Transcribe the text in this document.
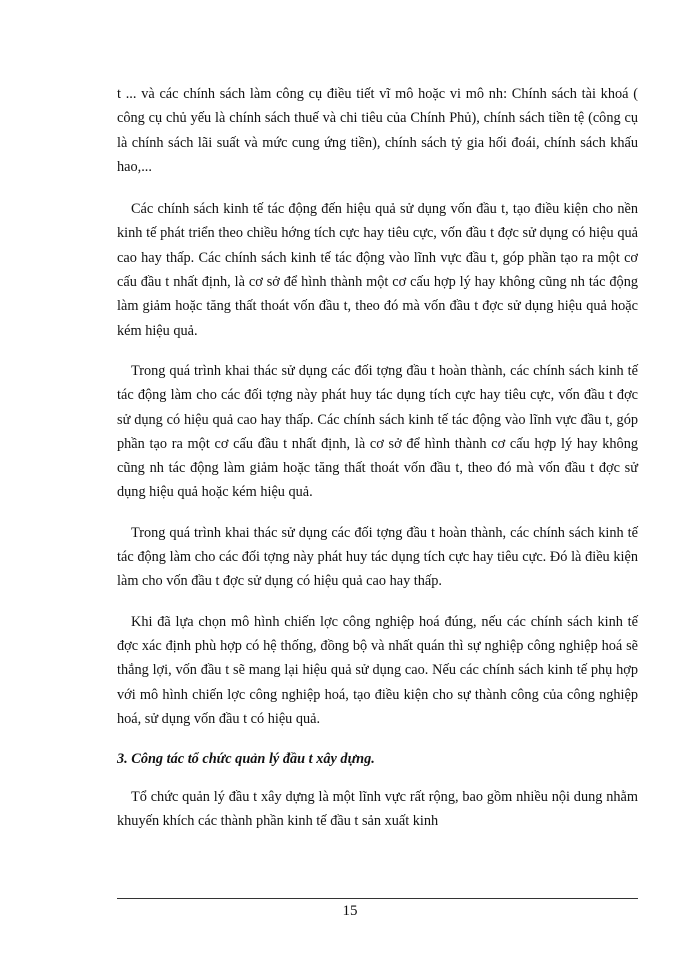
t ... và các chính sách làm công cụ điều tiết vĩ mô hoặc vi mô nh: Chính sách tài khoá ( công cụ chủ yếu là chính sách thuế và chi tiêu của Chính Phủ), chính sách tiền tệ (công cụ là chính sách lãi suất và mức cung ứng tiền), chính sách tỷ gia hối đoái, chính sách khấu hao,...

Các chính sách kinh tế tác động đến hiệu quả sử dụng vốn đầu t, tạo điều kiện cho nền kinh tế phát triển theo chiều hớng tích cực hay tiêu cực, vốn đầu t đợc sử dụng có hiệu quả cao hay thấp. Các chính sách kinh tế tác động vào lĩnh vực đầu t, góp phần tạo ra một cơ cấu đầu t nhất định, là cơ sở để hình thành một cơ cấu hợp lý hay không cũng nh tác động làm giảm hoặc tăng thất thoát vốn đầu t, theo đó mà vốn đầu t đợc sử dụng hiệu quả hoặc kém hiệu quả.

Trong quá trình khai thác sử dụng các đối tợng đầu t hoàn thành, các chính sách kinh tế tác động làm cho các đối tợng này phát huy tác dụng tích cực hay tiêu cực, vốn đầu t đợc sử dụng có hiệu quả cao hay thấp. Các chính sách kinh tế tác động vào lĩnh vực đầu t, góp phần tạo ra một cơ cấu đầu t nhất định, là cơ sở để hình thành cơ cấu hợp lý hay không cũng nh tác động làm giảm hoặc tăng thất thoát vốn đầu t, theo đó mà vốn đầu t đợc sử dụng hiệu quả hoặc kém hiệu quả.

Trong quá trình khai thác sử dụng các đối tợng đầu t hoàn thành, các chính sách kinh tế tác động làm cho các đối tợng này phát huy tác dụng tích cực hay tiêu cực. Đó là điều kiện làm cho vốn đầu t đợc sử dụng có hiệu quả cao hay thấp.

Khi đã lựa chọn mô hình chiến lợc công nghiệp hoá đúng, nếu các chính sách kinh tế đợc xác định phù hợp có hệ thống, đồng bộ và nhất quán thì sự nghiệp công nghiệp hoá sẽ thắng lợi, vốn đầu t sẽ mang lại hiệu quả sử dụng cao. Nếu các chính sách kinh tế phụ hợp với mô hình chiến lợc công nghiệp hoá, tạo điều kiện cho sự thành công của công nghiệp hoá, sử dụng vốn đầu t có hiệu quả.

3. Công tác tổ chức quản lý đầu t xây dựng.

Tổ chức quản lý đầu t xây dựng là một lĩnh vực rất rộng, bao gồm nhiều nội dung nhằm khuyến khích các thành phần kinh tế đầu t sản xuất kinh

15
